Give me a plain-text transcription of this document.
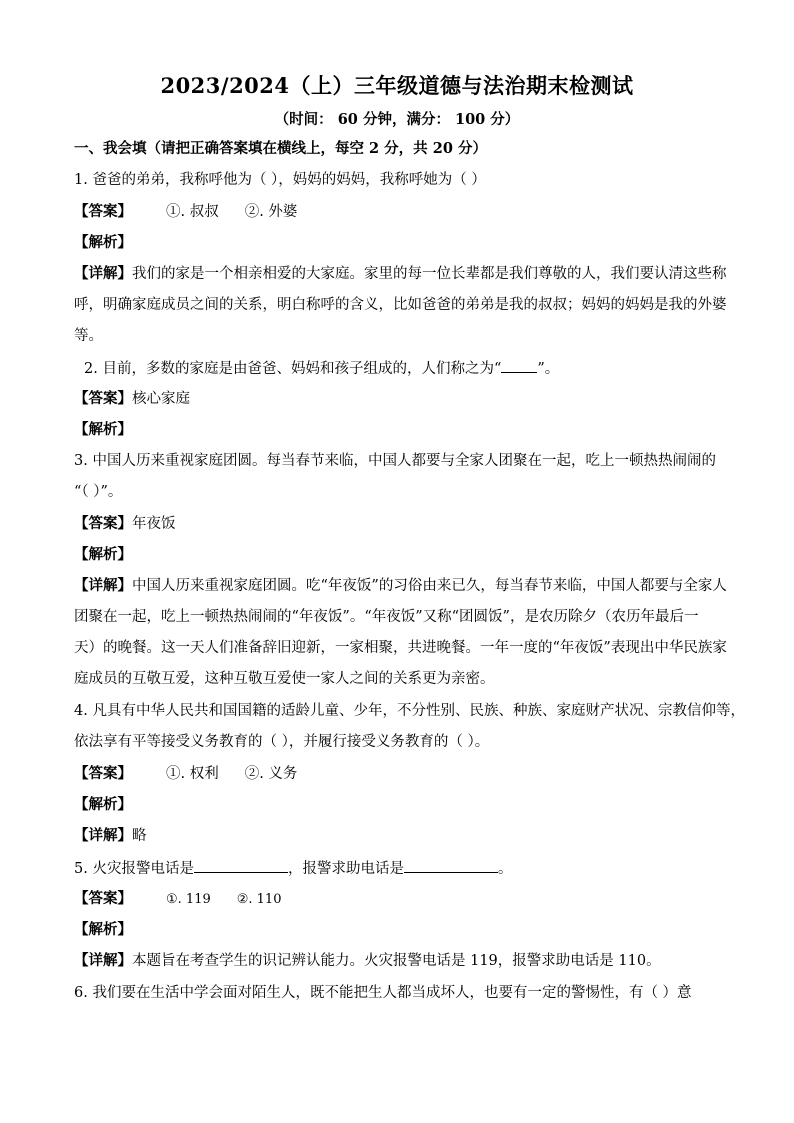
2023/2024（上）三年级道德与法治期末检测试
（时间： 60 分钟，满分： 100 分）
一、我会填（请把正确答案填在横线上，每空 2 分，共 20 分）
1. 爸爸的弟弟，我称呼他为（ ），妈妈的妈妈，我称呼她为（ ）
【答案】 ①. 叔叔 ②. 外婆
【解析】
【详解】我们的家是一个相亲相爱的大家庭。家里的每一位长辈都是我们尊敬的人，我们要认清这些称
呼，明确家庭成员之间的关系，明白称呼的含义，比如爸爸的弟弟是我的叔叔；妈妈的妈妈是我的外婆
等。
2. 目前，多数的家庭是由爸爸、妈妈和孩子组成的，人们称之为“ ”。
【答案】核心家庭
【解析】
3. 中国人历来重视家庭团圆。每当春节来临，中国人都要与全家人团聚在一起，吃上一顿热热闹闹的
“（ ）”。
【答案】年夜饭
【解析】
【详解】中国人历来重视家庭团圆。吃“年夜饭”的习俗由来已久，每当春节来临，中国人都要与全家人
团聚在一起，吃上一顿热热闹闹的“年夜饭”。“年夜饭”又称“团圆饭”，是农历除夕（农历年最后一
天）的晚餐。这一天人们准备辞旧迎新，一家相聚，共进晚餐。一年一度的“年夜饭”表现出中华民族家
庭成员的互敬互爱，这种互敬互爱使一家人之间的关系更为亲密。
4. 凡具有中华人民共和国国籍的适龄儿童、少年，不分性别、民族、种族、家庭财产状况、宗教信仰等，
依法享有平等接受义务教育的（ ），并履行接受义务教育的（ ）。
【答案】 ①. 权利 ②. 义务
【解析】
【详解】略
5. 火灾报警电话是	，报警求助电话是	。
【答案】	①. 119 ②. 110
【解析】
【详解】本题旨在考查学生的识记辨认能力。火灾报警电话是 119，报警求助电话是 110。
6. 我们要在生活中学会面对陌生人，既不能把生人都当成坏人，也要有一定的警惕性，有（ ）意
